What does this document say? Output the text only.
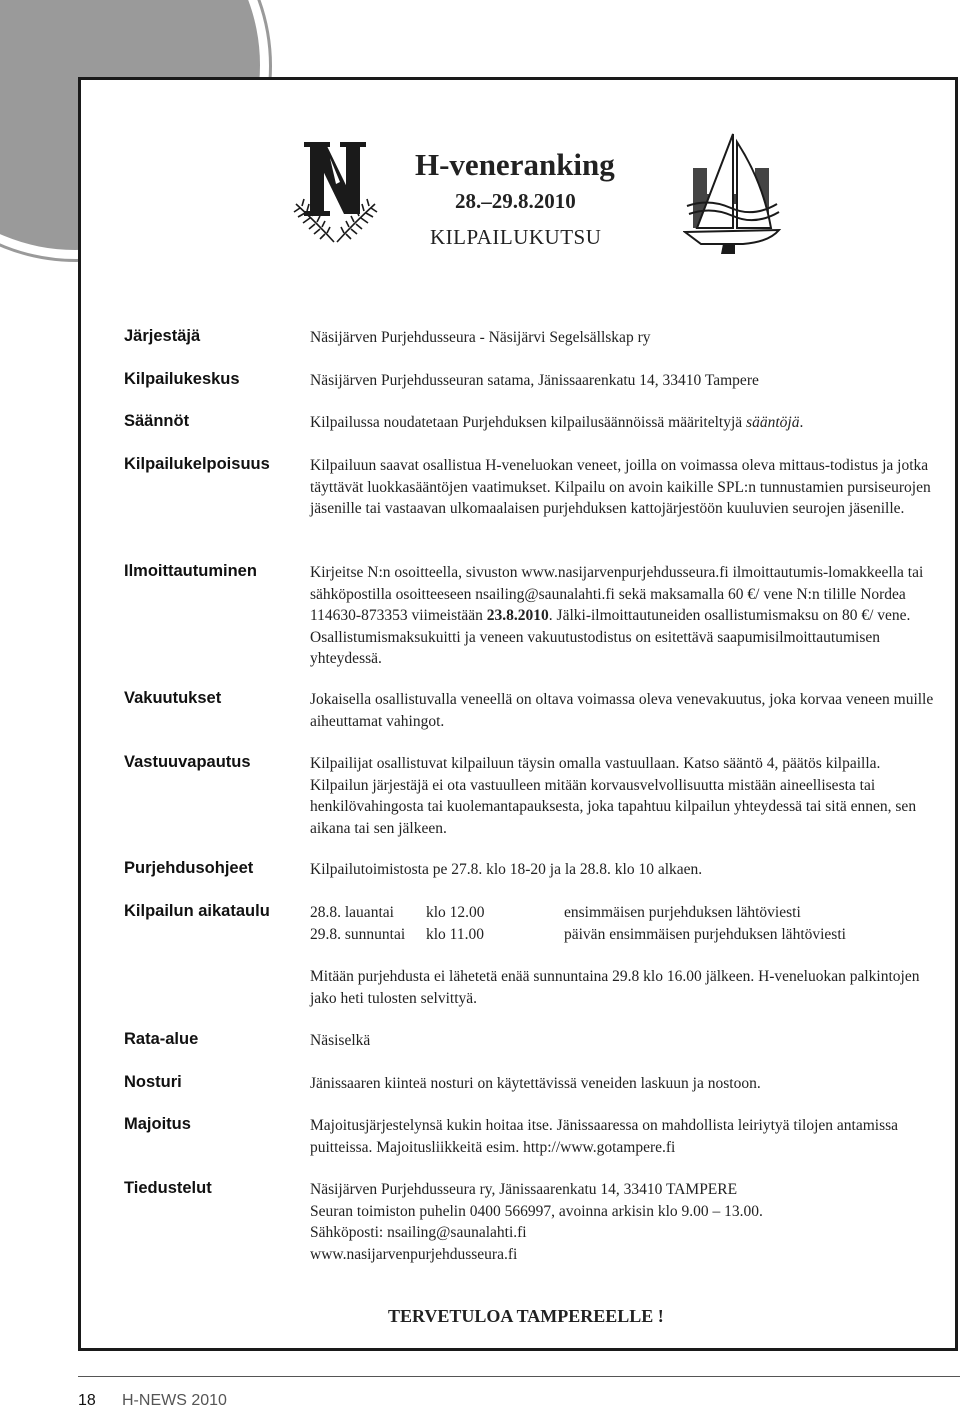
H-veneranking
28.–29.8.2010
KILPAILUKUTSU
Järjestäjä	Näsijärven Purjehdusseura - Näsijärvi Segelsällskap ry
Kilpailukeskus	Näsijärven Purjehdusseuran satama, Jänissaarenkatu 14, 33410 Tampere
Säännöt	Kilpailussa noudatetaan Purjehduksen kilpailusäännöissä määriteltyjä sääntöjä.
Kilpailukelpoisuus	Kilpailuun saavat osallistua H-veneluokan veneet, joilla on voimassa oleva mittaus-todistus ja jotka täyttävät luokkasääntöjen vaatimukset. Kilpailu on avoin kaikille SPL:n tunnustamien pursiseurojen jäsenille tai vastaavan ulkomaalaisen purjehduksen kattojärjestöön kuuluvien seurojen jäsenille.
Ilmoittautuminen	Kirjeitse N:n osoitteella, sivuston www.nasijarvenpurjehdusseura.fi ilmoittautumis-lomakkeella tai sähköpostilla osoitteeseen nsailing@saunalahti.fi sekä maksamalla 60 €/ vene N:n tilille Nordea 114630-873353 viimeistään 23.8.2010. Jälki-ilmoittautuneiden osallistumismaksu on 80 €/ vene. Osallistumismaksukuitti ja veneen vakuutustodistus on esitettävä saapumisilmoittautumisen yhteydessä.
Vakuutukset	Jokaisella osallistuvalla veneellä on oltava voimassa oleva venevakuutus, joka korvaa veneen muille aiheuttamat vahingot.
Vastuuvapautus	Kilpailijat osallistuvat kilpailuun täysin omalla vastuullaan. Katso sääntö 4, päätös kilpailla. Kilpailun järjestäjä ei ota vastuulleen mitään korvausvelvollisuutta mistään aineellisesta tai henkilövahingosta tai kuolemantapauksesta, joka tapahtuu kilpailun yhteydessä tai sitä ennen, sen aikana tai sen jälkeen.
Purjehdusohjeet	Kilpailutoimistosta pe 27.8. klo 18-20 ja la 28.8. klo 10 alkaen.
Kilpailun aikataulu	28.8. lauantai klo 12.00	ensimmäisen purjehduksen lähtöviesti
29.8. sunnuntai klo 11.00	päivän ensimmäisen purjehduksen lähtöviesti
Mitään purjehdusta ei lähetetä enää sunnuntaina 29.8 klo 16.00 jälkeen. H-veneluokan palkintojen jako heti tulosten selvittyä.
Rata-alue	Näsiselkä
Nosturi	Jänissaaren kiinteä nosturi on käytettävissä veneiden laskuun ja nostoon.
Majoitus	Majoitusjärjestelynsä kukin hoitaa itse. Jänissaaressa on mahdollista leiriytyä tilojen antamissa puitteissa. Majoitusliikkeitä esim. http://www.gotampere.fi
Tiedustelut	Näsijärven Purjehdusseura ry, Jänissaarenkatu 14, 33410 TAMPERE

Seuran toimiston puhelin 0400 566997, avoinna arkisin klo 9.00 – 13.00.

Sähköposti: nsailing@saunalahti.fi

www.nasijarvenpurjehdusseura.fi

TERVETULOA TAMPEREELLE !
18 H-NEWS 2010
